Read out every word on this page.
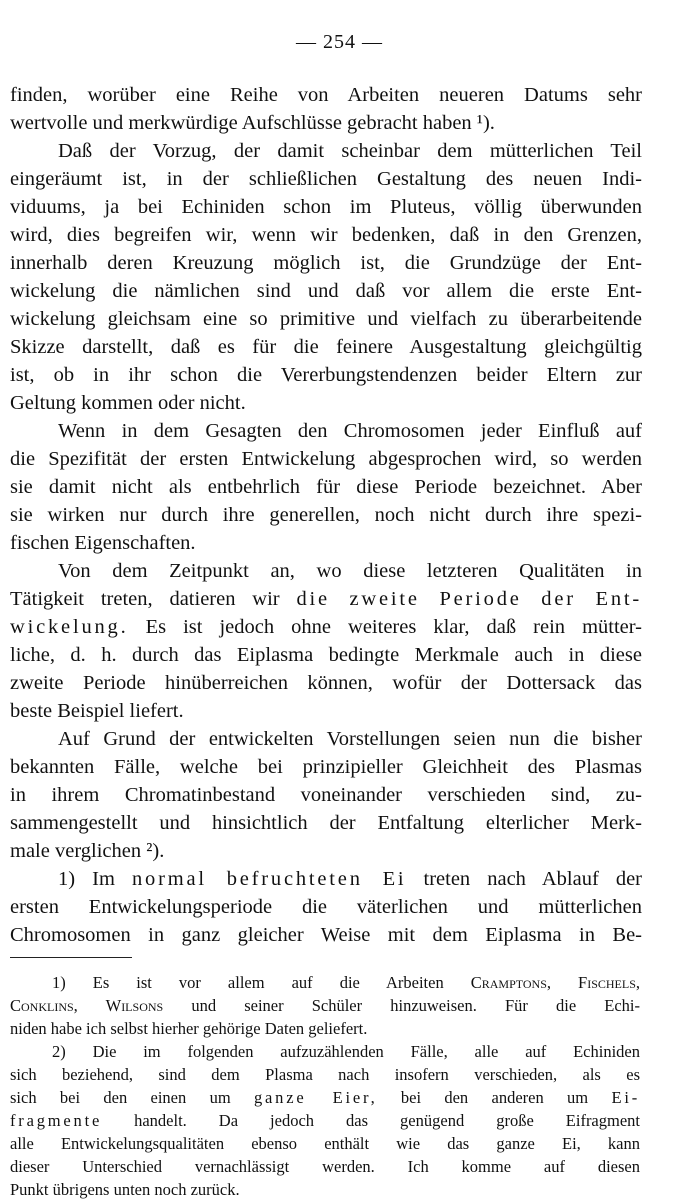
— 254 —
finden, worüber eine Reihe von Arbeiten neueren Datums sehr
wertvolle und merkwürdige Aufschlüsse gebracht haben ¹).
Daß der Vorzug, der damit scheinbar dem mütterlichen Teil
eingeräumt ist, in der schließlichen Gestaltung des neuen Indi-
viduums, ja bei Echiniden schon im Pluteus, völlig überwunden
wird, dies begreifen wir, wenn wir bedenken, daß in den Grenzen,
innerhalb deren Kreuzung möglich ist, die Grundzüge der Ent-
wickelung die nämlichen sind und daß vor allem die erste Ent-
wickelung gleichsam eine so primitive und vielfach zu überarbeitende
Skizze darstellt, daß es für die feinere Ausgestaltung gleichgültig
ist, ob in ihr schon die Vererbungstendenzen beider Eltern zur
Geltung kommen oder nicht.
Wenn in dem Gesagten den Chromosomen jeder Einfluß auf
die Spezifität der ersten Entwickelung abgesprochen wird, so werden
sie damit nicht als entbehrlich für diese Periode bezeichnet. Aber
sie wirken nur durch ihre generellen, noch nicht durch ihre spezi-
fischen Eigenschaften.
Von dem Zeitpunkt an, wo diese letzteren Qualitäten in
Tätigkeit treten, datieren wir die zweite Periode der Ent-
wickelung. Es ist jedoch ohne weiteres klar, daß rein mütter-
liche, d. h. durch das Eiplasma bedingte Merkmale auch in diese
zweite Periode hinüberreichen können, wofür der Dottersack das
beste Beispiel liefert.
Auf Grund der entwickelten Vorstellungen seien nun die bisher
bekannten Fälle, welche bei prinzipieller Gleichheit des Plasmas
in ihrem Chromatinbestand voneinander verschieden sind, zu-
sammengestellt und hinsichtlich der Entfaltung elterlicher Merk-
male verglichen ²).
1) Im normal befruchteten Ei treten nach Ablauf der
ersten Entwickelungsperiode die väterlichen und mütterlichen
Chromosomen in ganz gleicher Weise mit dem Eiplasma in Be-
1) Es ist vor allem auf die Arbeiten Cramptons, Fischels,
Conklins, Wilsons und seiner Schüler hinzuweisen. Für die Echi-
niden habe ich selbst hierher gehörige Daten geliefert.
2) Die im folgenden aufzuzählenden Fälle, alle auf Echiniden
sich beziehend, sind dem Plasma nach insofern verschieden, als es
sich bei den einen um ganze Eier, bei den anderen um Ei-
fragmente handelt. Da jedoch das genügend große Eifragment
alle Entwickelungsqualitäten ebenso enthält wie das ganze Ei, kann
dieser Unterschied vernachlässigt werden. Ich komme auf diesen
Punkt übrigens unten noch zurück.
